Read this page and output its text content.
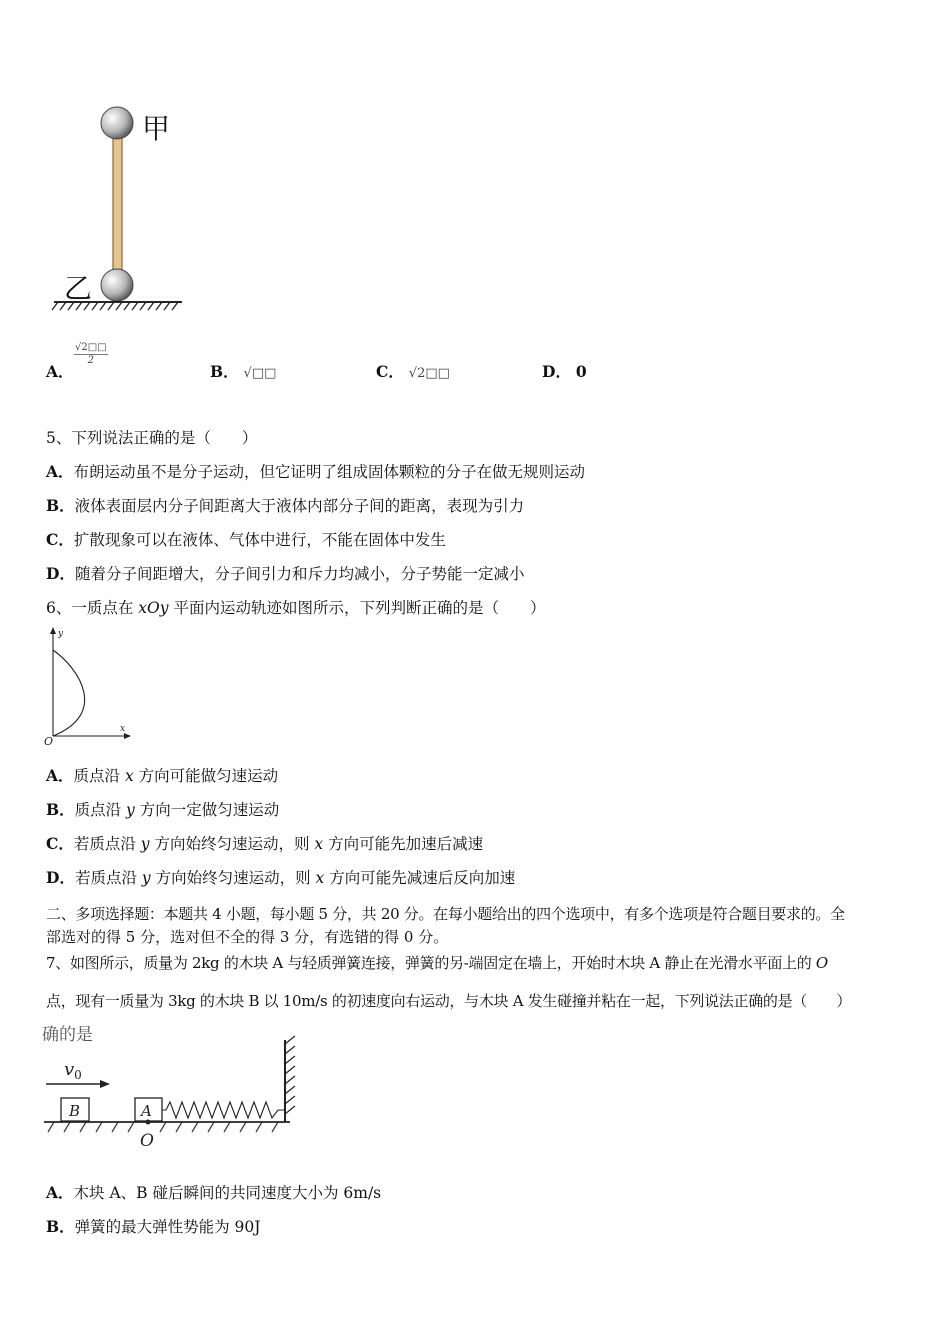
甲
乙
A．
$\frac{√2□□}{2}$
B． √□□	C． √2□□	D． 0
5、下列说法正确的是（　　）
A．布朗运动虽不是分子运动，但它证明了组成固体颗粒的分子在做无规则运动
B．液体表面层内分子间距离大于液体内部分子间的距离，表现为引力
C．扩散现象可以在液体、气体中进行，不能在固体中发生
D．随着分子间距增大，分子间引力和斥力均减小，分子势能一定减小
6、一质点在 xOy 平面内运动轨迹如图所示，下列判断正确的是（　　）
y
x
O
A．质点沿 x 方向可能做匀速运动
B．质点沿 y 方向一定做匀速运动
C．若质点沿 y 方向始终匀速运动，则 x 方向可能先加速后减速
D．若质点沿 y 方向始终匀速运动，则 x 方向可能先减速后反向加速
二、多项选择题：本题共 4 小题，每小题 5 分，共 20 分。在每小题给出的四个选项中，有多个选项是符合题目要求的。全
部选对的得 5 分，选对但不全的得 3 分，有选错的得 0 分。
7、如图所示，质量为 2kg 的木块 A 与轻质弹簧连接，弹簧的另-端固定在墙上，开始时木块 A 静止在光滑水平面上的 O
点，现有一质量为 3kg 的木块 B 以 10m/s 的初速度向右运动，与木块 A 发生碰撞并粘在一起，下列说法正确的是（　　）
确的是
$v_0$
B	A
O
A．木块 A、B 碰后瞬间的共同速度大小为 6m/s
B．弹簧的最大弹性势能为 90J
